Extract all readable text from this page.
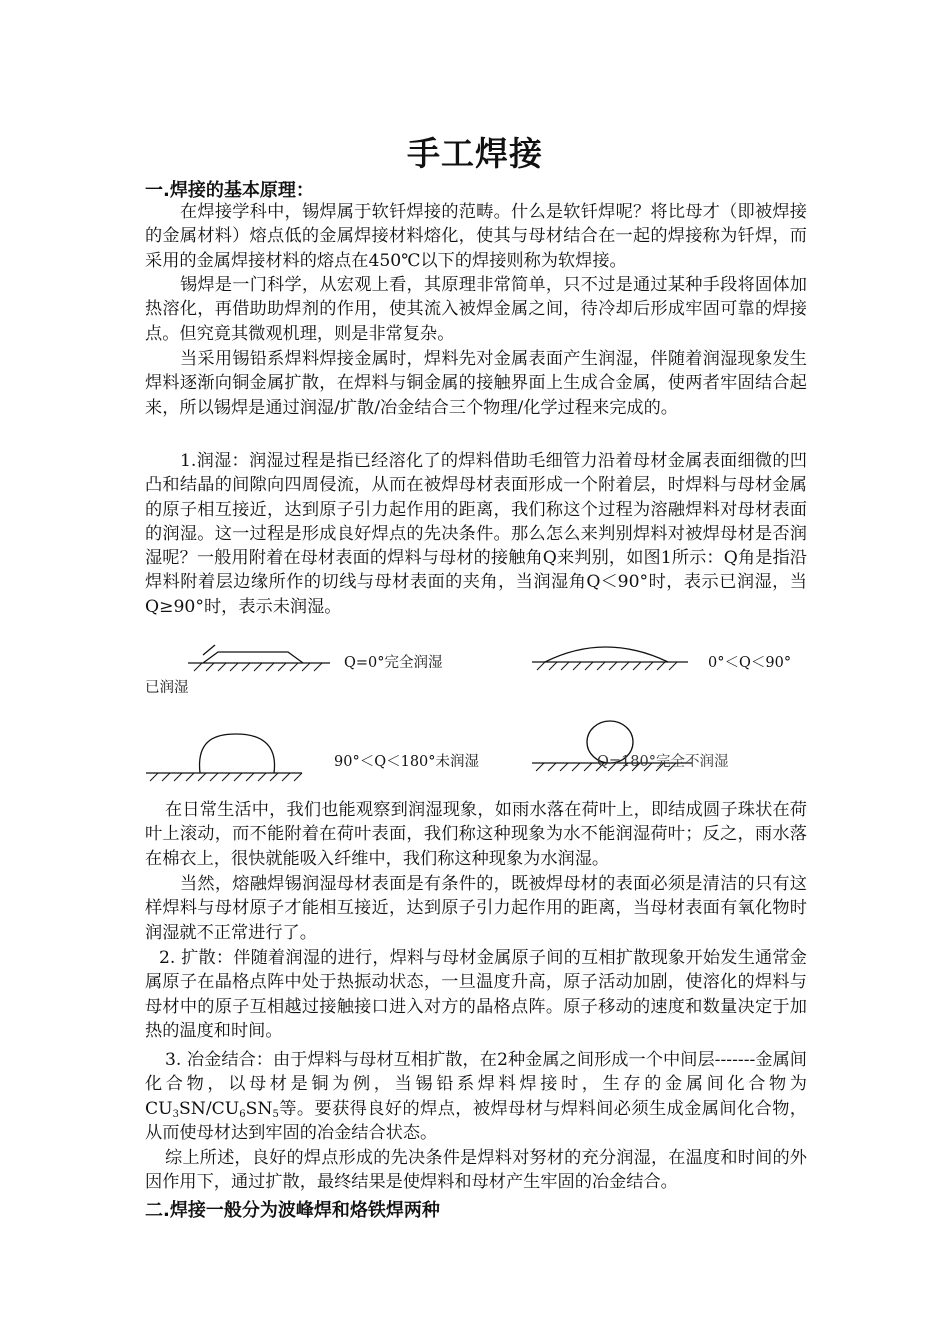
手工焊接
一.焊接的基本原理：

在焊接学科中，锡焊属于软钎焊接的范畴。什么是软钎焊呢？将比母才（即被焊接的金属材料）熔点低的金属焊接材料熔化，使其与母材结合在一起的焊接称为钎焊，而采用的金属焊接材料的熔点在450℃以下的焊接则称为软焊接。

锡焊是一门科学，从宏观上看，其原理非常简单，只不过是通过某种手段将固体加热溶化，再借助助焊剂的作用，使其流入被焊金属之间，待冷却后形成牢固可靠的焊接点。但究竟其微观机理，则是非常复杂。

当采用锡铅系焊料焊接金属时，焊料先对金属表面产生润湿，伴随着润湿现象发生焊料逐渐向铜金属扩散，在焊料与铜金属的接触界面上生成合金属，使两者牢固结合起来，所以锡焊是通过润湿/扩散/冶金结合三个物理/化学过程来完成的。

1.润湿：润湿过程是指已经溶化了的焊料借助毛细管力沿着母材金属表面细微的凹凸和结晶的间隙向四周侵流，从而在被焊母材表面形成一个附着层，时焊料与母材金属的原子相互接近，达到原子引力起作用的距离，我们称这个过程为溶融焊料对母材表面的润湿。这一过程是形成良好焊点的先决条件。那么怎么来判别焊料对被焊母材是否润湿呢？一般用附着在母材表面的焊料与母材的接触角Q来判别，如图1所示：Q角是指沿焊料附着层边缘所作的切线与母材表面的夹角，当润湿角Q＜90°时，表示已润湿，当Q≥90°时，表示未润湿。

Q=0°完全润湿	0°＜Q＜90°
已润湿
90°＜Q＜180°未润湿	Q=180°完全不润湿

在日常生活中，我们也能观察到润湿现象，如雨水落在荷叶上，即结成圆子珠状在荷叶上滚动，而不能附着在荷叶表面，我们称这种现象为水不能润湿荷叶；反之，雨水落在棉衣上，很快就能吸入纤维中，我们称这种现象为水润湿。

当然，熔融焊锡润湿母材表面是有条件的，既被焊母材的表面必须是清洁的只有这样焊料与母材原子才能相互接近，达到原子引力起作用的距离，当母材表面有氧化物时润湿就不正常进行了。

2. 扩散：伴随着润湿的进行，焊料与母材金属原子间的互相扩散现象开始发生通常金属原子在晶格点阵中处于热振动状态，一旦温度升高，原子活动加剧，使溶化的焊料与母材中的原子互相越过接触接口进入对方的晶格点阵。原子移动的速度和数量决定于加热的温度和时间。

3. 冶金结合：由于焊料与母材互相扩散，在2种金属之间形成一个中间层-------金属间化合物，以母材是铜为例，当锡铅系焊料焊接时，生存的金属间化合物为$CU_3SN/CU_6SN_5$等。要获得良好的焊点，被焊母材与焊料间必须生成金属间化合物，从而使母材达到牢固的冶金结合状态。

综上所述，良好的焊点形成的先决条件是焊料对努材的充分润湿，在温度和时间的外因作用下，通过扩散，最终结果是使焊料和母材产生牢固的冶金结合。

二.焊接一般分为波峰焊和烙铁焊两种
